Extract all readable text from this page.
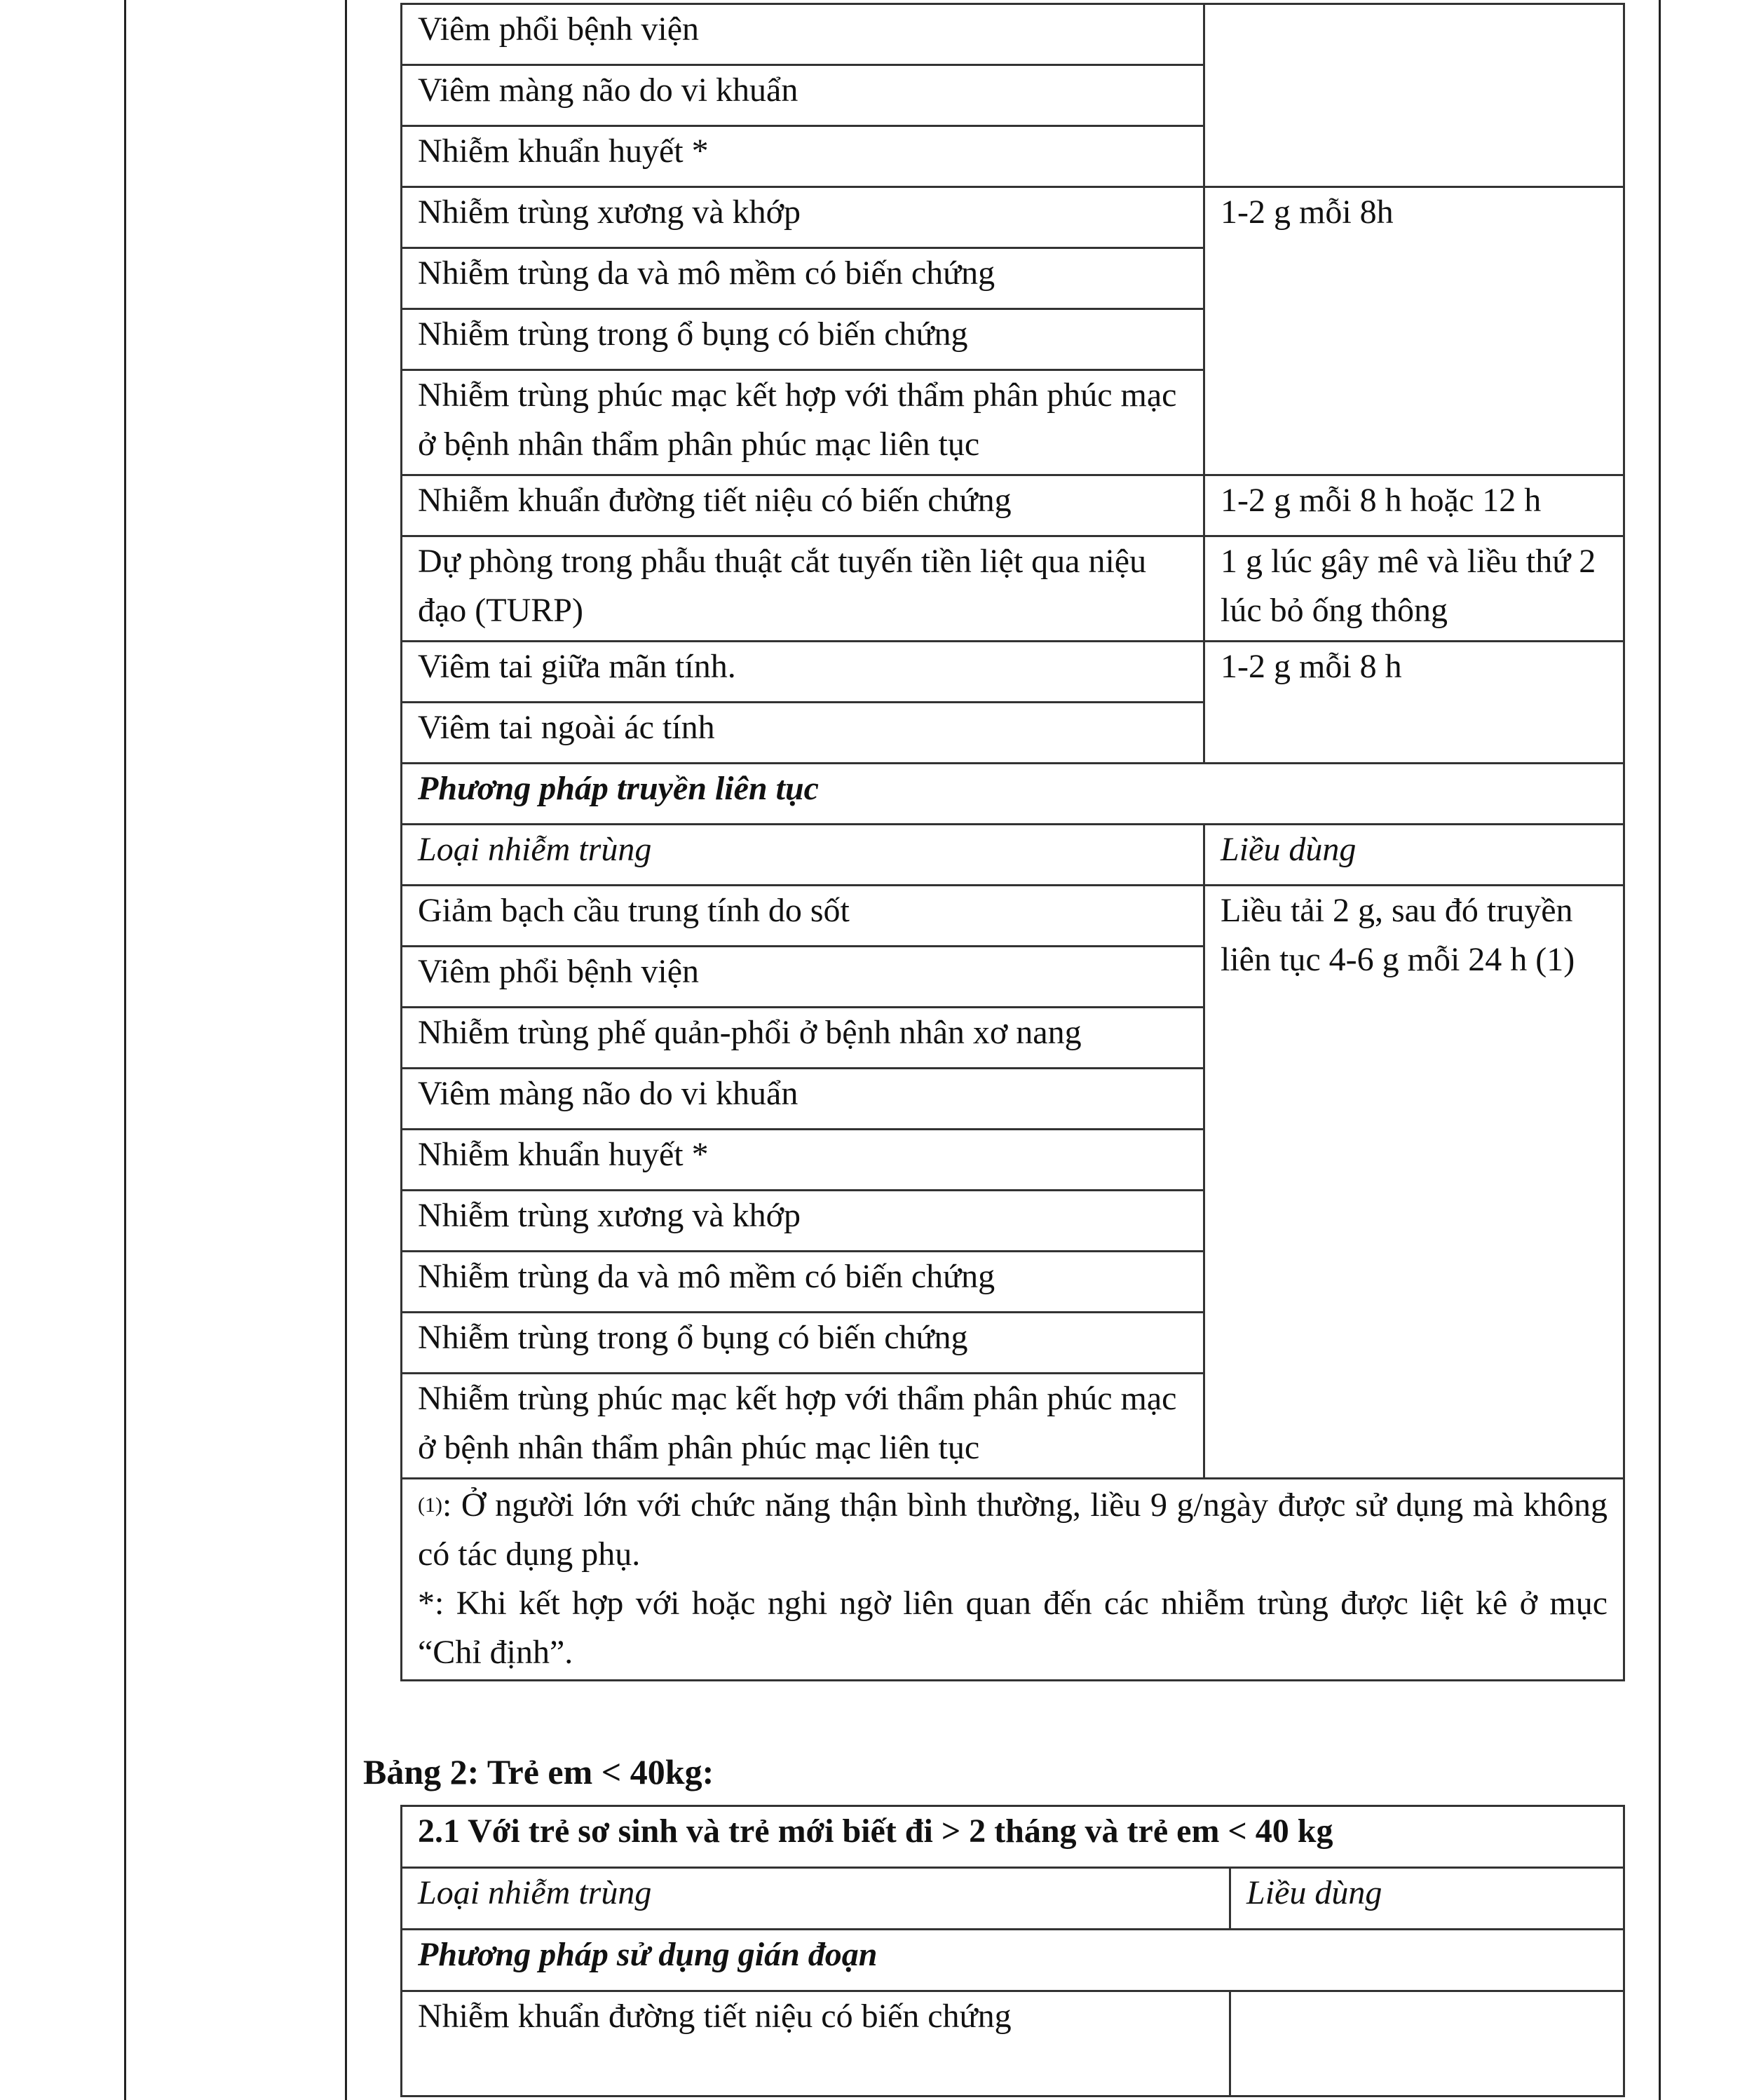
Viêm phổi bệnh viện	
Viêm màng não do vi khuẩn	
Nhiễm khuẩn huyết *	
Nhiễm trùng xương và khớp	1-2 g mỗi 8h
Nhiễm trùng da và mô mềm có biến chứng	
Nhiễm trùng trong ổ bụng có biến chứng	
Nhiễm trùng phúc mạc kết hợp với thẩm phân phúc mạc ở bệnh nhân thẩm phân phúc mạc liên tục	
Nhiễm khuẩn đường tiết niệu có biến chứng	1-2 g mỗi 8 h hoặc 12 h
Dự phòng trong phẫu thuật cắt tuyến tiền liệt qua niệu đạo (TURP)	1 g lúc gây mê và liều thứ 2 lúc bỏ ống thông
Viêm tai giữa mãn tính.	1-2 g mỗi 8 h
Viêm tai ngoài ác tính	
Phương pháp truyền liên tục	
Loại nhiễm trùng	Liều dùng
Giảm bạch cầu trung tính do sốt	Liều tải 2 g, sau đó truyền liên tục 4-6 g mỗi 24 h (1)
Viêm phổi bệnh viện	
Nhiễm trùng phế quản-phổi ở bệnh nhân xơ nang	
Viêm màng não do vi khuẩn	
Nhiễm khuẩn huyết *	
Nhiễm trùng xương và khớp	
Nhiễm trùng da và mô mềm có biến chứng	
Nhiễm trùng trong ổ bụng có biến chứng	
Nhiễm trùng phúc mạc kết hợp với thẩm phân phúc mạc ở bệnh nhân thẩm phân phúc mạc liên tục	

$^{(1)}$: Ở người lớn với chức năng thận bình thường, liều 9 g/ngày được sử dụng mà không có tác dụng phụ.
*: Khi kết hợp với hoặc nghi ngờ liên quan đến các nhiễm trùng được liệt kê ở mục “Chỉ định”.	
Bảng 2: Trẻ em < 40kg:
2.1 Với trẻ sơ sinh và trẻ mới biết đi > 2 tháng và trẻ em < 40 kg	
Loại nhiễm trùng	Liều dùng
Phương pháp sử dụng gián đoạn	
Nhiễm khuẩn đường tiết niệu có biến chứng	
